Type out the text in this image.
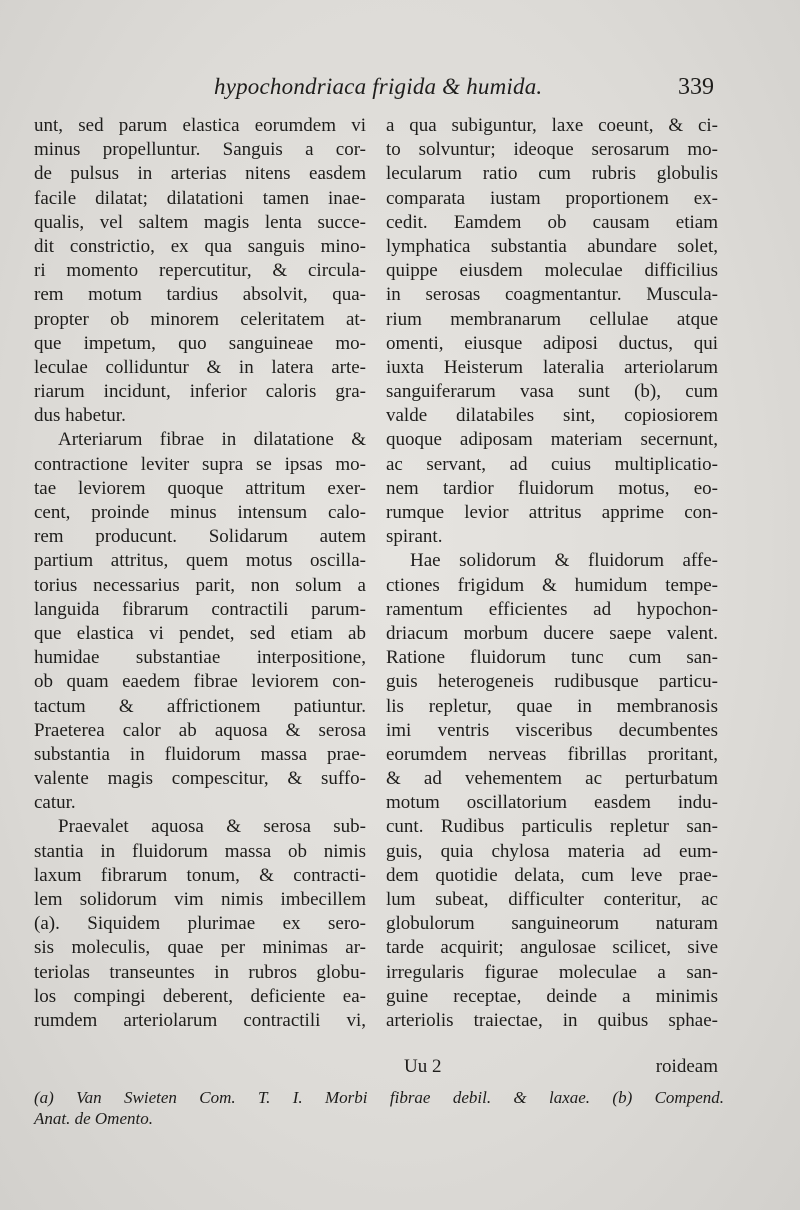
hypochondriaca frigida & humida.	339
unt, sed parum elastica eorumdem vi
minus propelluntur. Sanguis a cor-
de pulsus in arterias nitens easdem
facile dilatat; dilatationi tamen inae-
qualis, vel saltem magis lenta succe-
dit constrictio, ex qua sanguis mino-
ri momento repercutitur, & circula-
rem motum tardius absolvit, qua-
propter ob minorem celeritatem at-
que impetum, quo sanguineae mo-
leculae colliduntur & in latera arte-
riarum incidunt, inferior caloris gra-
dus habetur.
Arteriarum fibrae in dilatatione &
contractione leviter supra se ipsas mo-
tae leviorem quoque attritum exer-
cent, proinde minus intensum calo-
rem producunt. Solidarum autem
partium attritus, quem motus oscilla-
torius necessarius parit, non solum a
languida fibrarum contractili parum-
que elastica vi pendet, sed etiam ab
humidae substantiae interpositione,
ob quam eaedem fibrae leviorem con-
tactum & affrictionem patiuntur.
Praeterea calor ab aquosa & serosa
substantia in fluidorum massa prae-
valente magis compescitur, & suffo-
catur.
Praevalet aquosa & serosa sub-
stantia in fluidorum massa ob nimis
laxum fibrarum tonum, & contracti-
lem solidorum vim nimis imbecillem
(a). Siquidem plurimae ex sero-
sis moleculis, quae per minimas ar-
teriolas transeuntes in rubros globu-
los compingi deberent, deficiente ea-
rumdem arteriolarum contractili vi,
a qua subiguntur, laxe coeunt, & ci-
to solvuntur; ideoque serosarum mo-
lecularum ratio cum rubris globulis
comparata iustam proportionem ex-
cedit. Eamdem ob causam etiam
lymphatica substantia abundare solet,
quippe eiusdem moleculae difficilius
in serosas coagmentantur. Muscula-
rium membranarum cellulae atque
omenti, eiusque adiposi ductus, qui
iuxta Heisterum lateralia arteriolarum
sanguiferarum vasa sunt (b), cum
valde dilatabiles sint, copiosiorem
quoque adiposam materiam secernunt,
ac servant, ad cuius multiplicatio-
nem tardior fluidorum motus, eo-
rumque levior attritus apprime con-
spirant.
Hae solidorum & fluidorum affe-
ctiones frigidum & humidum tempe-
ramentum efficientes ad hypochon-
driacum morbum ducere saepe valent.
Ratione fluidorum tunc cum san-
guis heterogeneis rudibusque particu-
lis repletur, quae in membranosis
imi ventris visceribus decumbentes
eorumdem nerveas fibrillas proritant,
& ad vehementem ac perturbatum
motum oscillatorium easdem indu-
cunt. Rudibus particulis repletur san-
guis, quia chylosa materia ad eum-
dem quotidie delata, cum leve prae-
lum subeat, difficulter conteritur, ac
globulorum sanguineorum naturam
tarde acquirit; angulosae scilicet, sive
irregularis figurae moleculae a san-
guine receptae, deinde a minimis
arteriolis traiectae, in quibus sphae-
Uu 2	roideam
(a) Van Swieten Com. T. I. Morbi fibrae debil. & laxae. (b) Compend.
Anat. de Omento.
